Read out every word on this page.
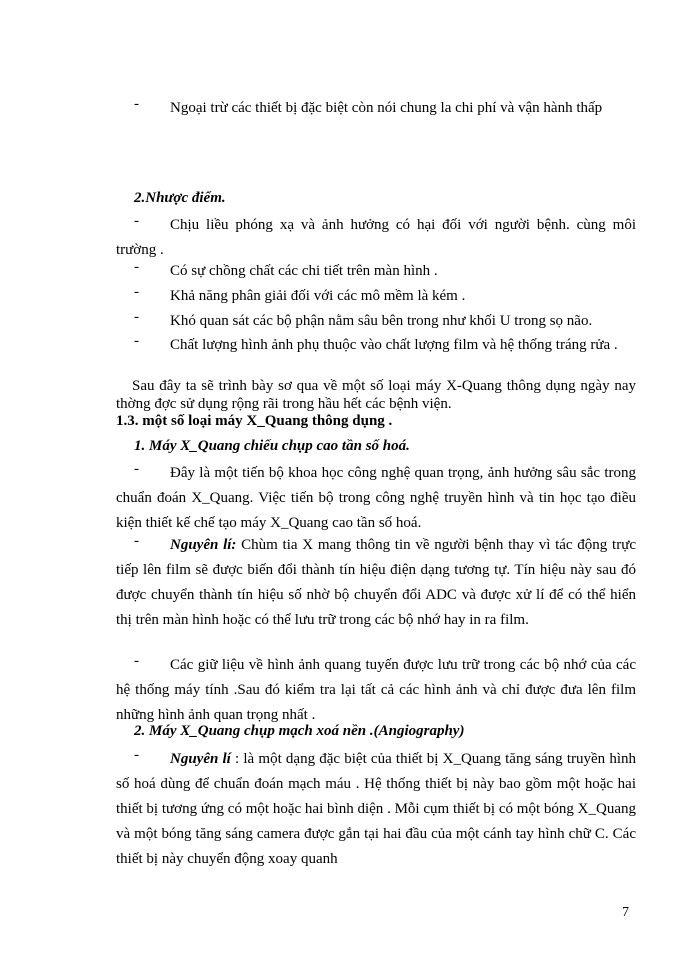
-	Ngoại trừ các thiết bị đặc biệt còn nói chung la chi phí và vận hành thấp
2.Nhược điểm.
-	Chịu liều phóng xạ và ảnh hưởng có hại đối với người bệnh. cùng môi trường .
-	Có sự chồng chất các chi tiết trên màn hình .
-	Khả năng phân giải đối với các mô mềm là kém .
-	Khó quan sát các bộ phận nằm sâu bên trong như khối U trong sọ não.
-	Chất lượng hình ảnh phụ thuộc vào chất lượng film và hệ thống tráng rửa .
Sau đây ta sẽ trình bày sơ qua về một số loại máy X-Quang thông dụng ngày nay thờng đợc sử dụng rộng rãi trong hầu hết các bệnh viện.
1.3. một số loại máy X_Quang thông dụng .
1. Máy X_Quang chiếu chụp cao tần số hoá.
-	Đây là một tiến bộ khoa học công nghệ quan trọng, ảnh hưởng sâu sắc trong chuẩn đoán X_Quang. Việc tiến bộ trong công nghệ truyền hình và tin học tạo điều kiện thiết kế chế tạo máy X_Quang cao tần số hoá.
-	Nguyên lí: Chùm tia X mang thông tin về người bệnh thay vì tác động trực tiếp lên film sẽ được biến đổi thành tín hiệu điện dạng tương tự. Tín hiệu này sau đó được chuyển thành tín hiệu số nhờ bộ chuyển đổi ADC và được xử lí để có thể hiển thị trên màn hình hoặc có thể lưu trữ trong các bộ nhớ hay in ra film.
-	Các giữ liệu về hình ảnh quang tuyến được lưu trữ trong các bộ nhớ của các hệ thống máy tính .Sau đó kiểm tra lại tất cả các hình ảnh và chỉ được đưa lên film những hình ảnh quan trọng nhất .
2. Máy X_Quang chụp mạch xoá nền .(Angiography)
-	Nguyên lí : là một dạng đặc biệt của thiết bị X_Quang tăng sáng truyền hình số hoá dùng để chuẩn đoán mạch máu . Hệ thống thiết bị này bao gồm một hoặc hai thiết bị tương ứng có một hoặc hai bình diện . Mỗi cụm thiết bị có một bóng X_Quang và một bóng tăng sáng camera được gắn tại hai đầu của một cánh tay hình chữ C. Các thiết bị này chuyển động xoay quanh
7
